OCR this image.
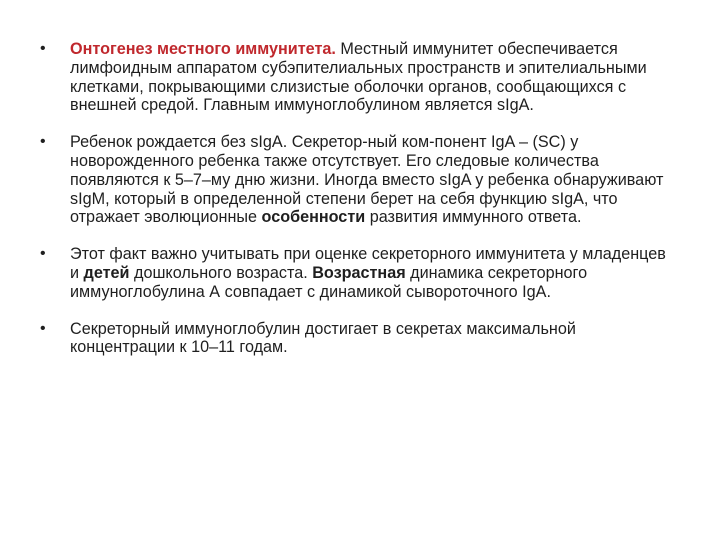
• Онтогенез местного иммунитета. Местный иммунитет обеспечивается лимфоидным аппаратом субэпителиальных пространств и эпителиальными клетками, покрывающими слизистые оболочки органов, сообщающихся с внешней средой. Главным иммуноглобулином является sIgA.
• Ребенок рождается без sIgA. Секретор-ный ком-понент IgA – (SC) у новорожденного ребенка также отсутствует. Его следовые количества появляются к 5–7–му дню жизни. Иногда вместо sIgA у ребенка обнаруживают sIgM, который в определенной степени берет на себя функцию sIgA, что отражает эволюционные особенности развития иммунного ответа.
• Этот факт важно учитывать при оценке секреторного иммунитета у младенцев и детей дошкольного возраста. Возрастная динамика секреторного иммуноглобулина А совпадает с динамикой сывороточного IgA.
• Секреторный иммуноглобулин достигает в секретах максимальной концентрации к 10–11 годам.
